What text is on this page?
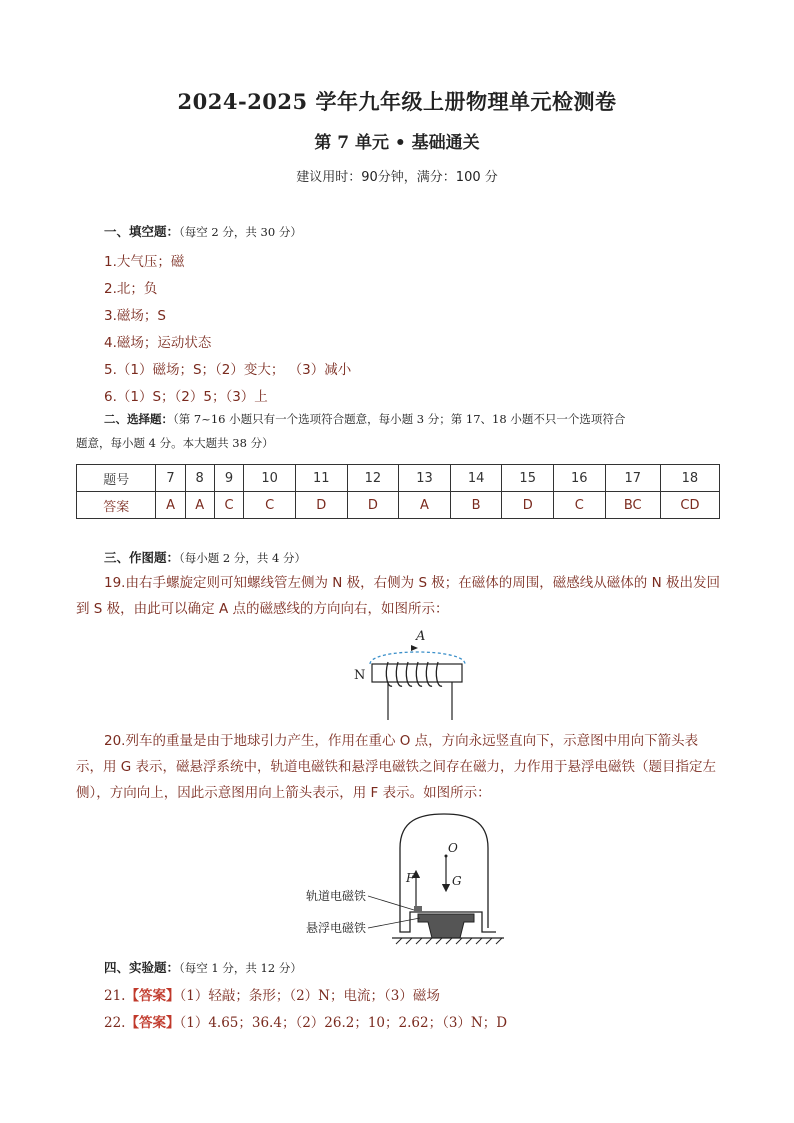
2024-2025 学年九年级上册物理单元检测卷
第 7 单元 • 基础通关
建议用时：90分钟，满分：100 分
一、填空题：（每空 2 分，共 30 分）
1.大气压；磁
2.北；负
3.磁场；S
4.磁场；运动状态
5.（1）磁场；S；（2）变大； （3）减小
6.（1）S；（2）5；（3）上
二、选择题：（第 7~16 小题只有一个选项符合题意，每小题 3 分；第 17、18 小题不只一个选项符合
题意，每小题 4 分。本大题共 38 分）
题号	7	8	9	10	11	12	13	14	15	16	17	18
答案	A	A	C	C	D	D	A	B	D	C	BC	CD
三、作图题：（每小题 2 分，共 4 分）
19.由右手螺旋定则可知螺线管左侧为 N 极，右侧为 S 极；在磁体的周围，磁感线从磁体的 N 极出发回到 S 极，由此可以确定 A 点的磁感线的方向向右，如图所示：
A
N
20.列车的重量是由于地球引力产生，作用在重心 O 点，方向永远竖直向下，示意图中用向下箭头表示，用 G 表示，磁悬浮系统中，轨道电磁铁和悬浮电磁铁之间存在磁力，力作用于悬浮电磁铁（题目指定左侧），方向向上，因此示意图用向上箭头表示，用 F 表示。如图所示：
O
G
F
轨道电磁铁
悬浮电磁铁
四、实验题：（每空 1 分，共 12 分）
21.【答案】（1）轻敲；条形；（2）N；电流；（3）磁场
22.【答案】（1）4.65；36.4；（2）26.2；10；2.62；（3）N；D
